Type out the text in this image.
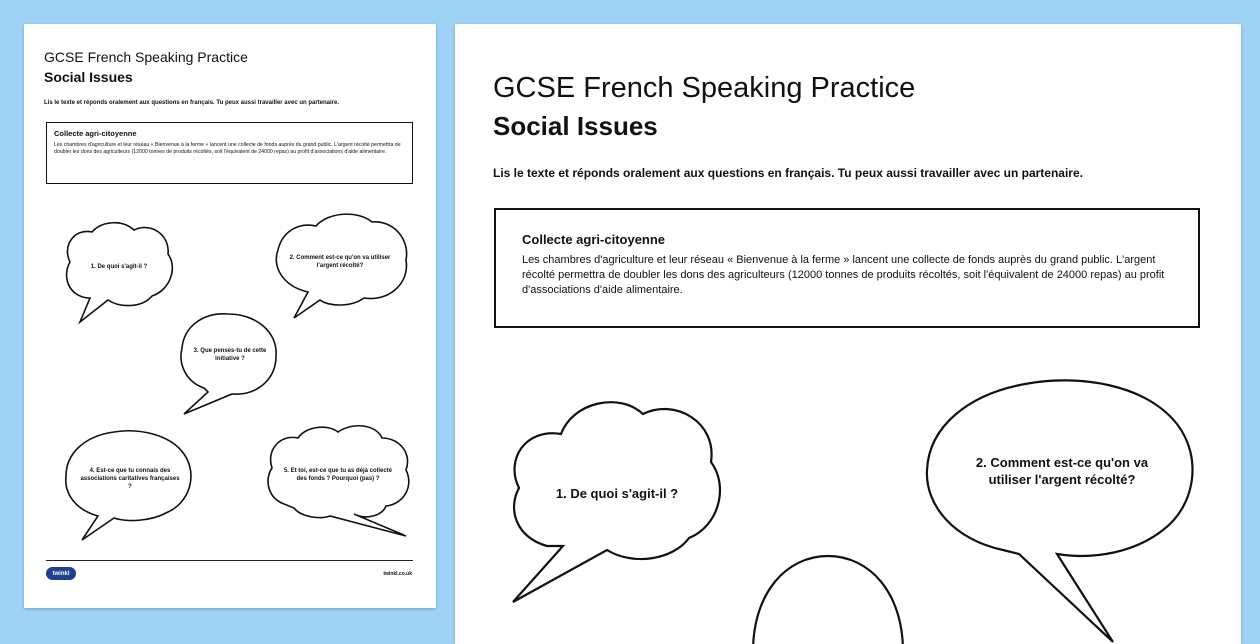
GCSE French Speaking Practice
Social Issues
Lis le texte et réponds oralement aux questions en français. Tu peux aussi travailler avec un partenaire.
Collecte agri-citoyenne
Les chambres d'agriculture et leur réseau « Bienvenue à la ferme » lancent une collecte de fonds auprès du grand public. L'argent récolté permettra de doubler les dons des agriculteurs (12000 tonnes de produits récoltés, soit l'équivalent de 24000 repas) au profit d'associations d'aide alimentaire.
1. De quoi s'agit-il ?
2. Comment est-ce qu'on va utiliser l'argent récolté?
3. Que penses-tu de cette initiative ?
4. Est-ce que tu connais des associations caritatives françaises ?
5. Et toi, est-ce que tu as déjà collecté des fonds ? Pourquoi (pas) ?
twinkl	twinkl.co.uk
GCSE French Speaking Practice
Social Issues
Lis le texte et réponds oralement aux questions en français. Tu peux aussi travailler avec un partenaire.
Collecte agri-citoyenne
Les chambres d'agriculture et leur réseau « Bienvenue à la ferme » lancent une collecte de fonds auprès du grand public. L'argent récolté permettra de doubler les dons des agriculteurs (12000 tonnes de produits récoltés, soit l'équivalent de 24000 repas) au profit d'associations d'aide alimentaire.
1. De quoi s'agit-il ?
2. Comment est-ce qu'on va utiliser l'argent récolté?
